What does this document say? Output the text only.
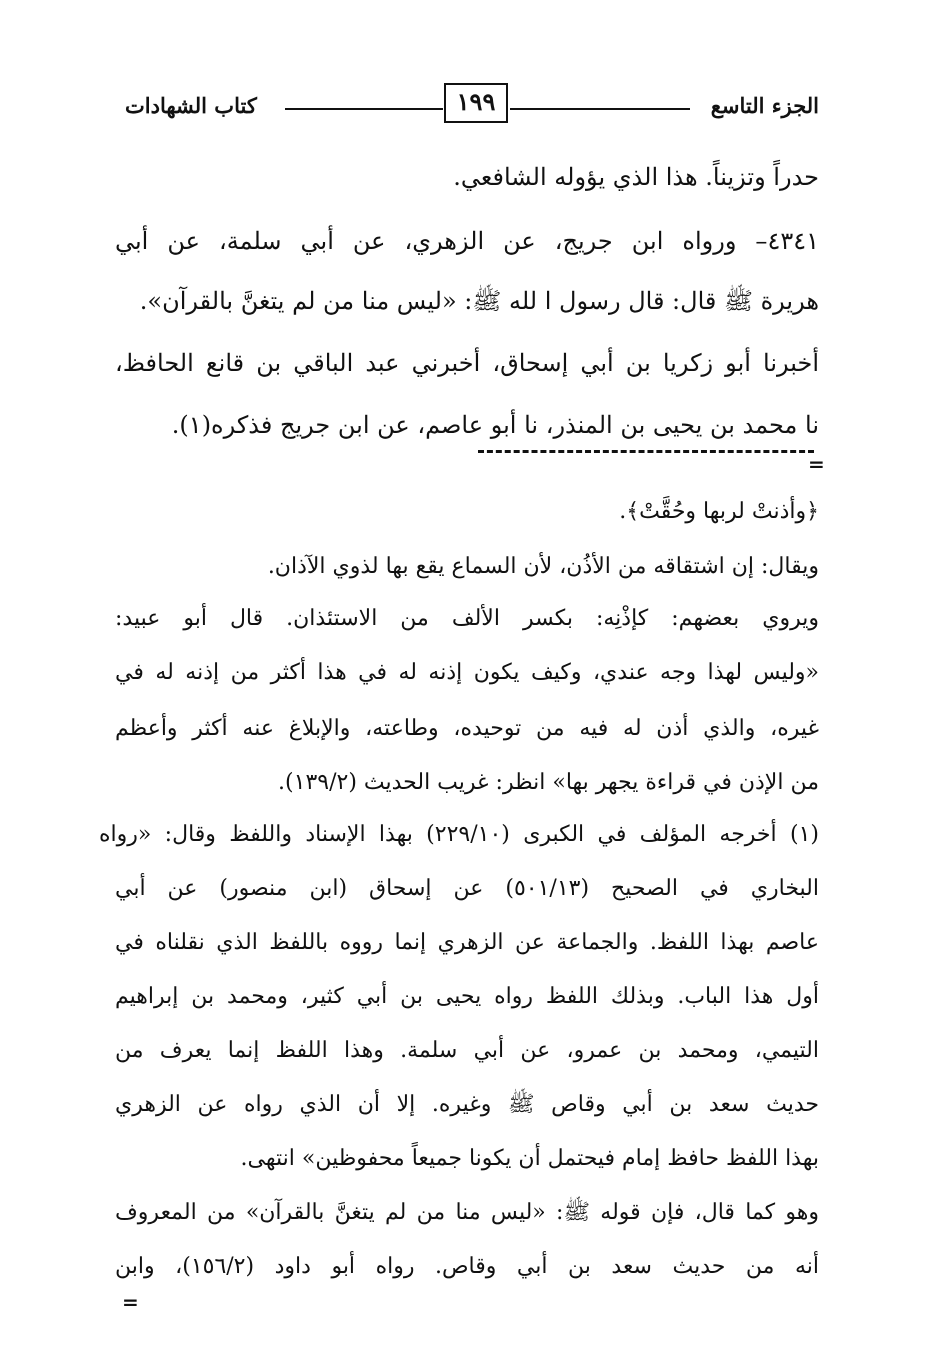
الجزء التاسع
١٩٩
كتاب الشهادات
حدراً وتزيناً. هذا الذي يؤوله الشافعي.
٤٣٤١– ورواه ابن جريج، عن الزهري، عن أبي سلمة، عن أبي
هريرة ﷺ قال: قال رسول ا لله ﷺ: «ليس منا من لم يتغنَّ بالقرآن».
أخبرنا أبو زكريا بن أبي إسحاق، أخبرني عبد الباقي بن قانع الحافظ،
نا محمد بن يحيى بن المنذر، نا أبو عاصم، عن ابن جريج فذكره(١).
=
﴿وأذنتْ لربها وحُقَّتْ﴾.
ويقال: إن اشتقاقه من الأذُن، لأن السماع يقع بها لذوي الآذان.
ويروي بعضهم: كإذْنِه: بكسر الألف من الاستئذان. قال أبو عبيد:
«وليس لهذا وجه عندي، وكيف يكون إذنه له في هذا أكثر من إذنه له في
غيره، والذي أذن له فيه من توحيده، وطاعته، والإبلاغ عنه أكثر وأعظم
من الإذن في قراءة يجهر بها» انظر: غريب الحديث (١٣٩/٢).
(١) أخرجه المؤلف في الكبرى (٢٢٩/١٠) بهذا الإسناد واللفظ وقال: «رواه
البخاري في الصحيح (٥٠١/١٣) عن إسحاق (ابن منصور) عن أبي
عاصم بهذا اللفظ. والجماعة عن الزهري إنما رووه باللفظ الذي نقلناه في
أول هذا الباب. وبذلك اللفظ رواه يحيى بن أبي كثير، ومحمد بن إبراهيم
التيمي، ومحمد بن عمرو، عن أبي سلمة. وهذا اللفظ إنما يعرف من
حديث سعد بن أبي وقاص ﷺ وغيره. إلا أن الذي رواه عن الزهري
بهذا اللفظ حافظ إمام فيحتمل أن يكونا جميعاً محفوظين» انتهى.
وهو كما قال، فإن قوله ﷺ: «ليس منا من لم يتغنَّ بالقرآن» من المعروف
أنه من حديث سعد بن أبي وقاص. رواه أبو داود (١٥٦/٢)، وابن
=
